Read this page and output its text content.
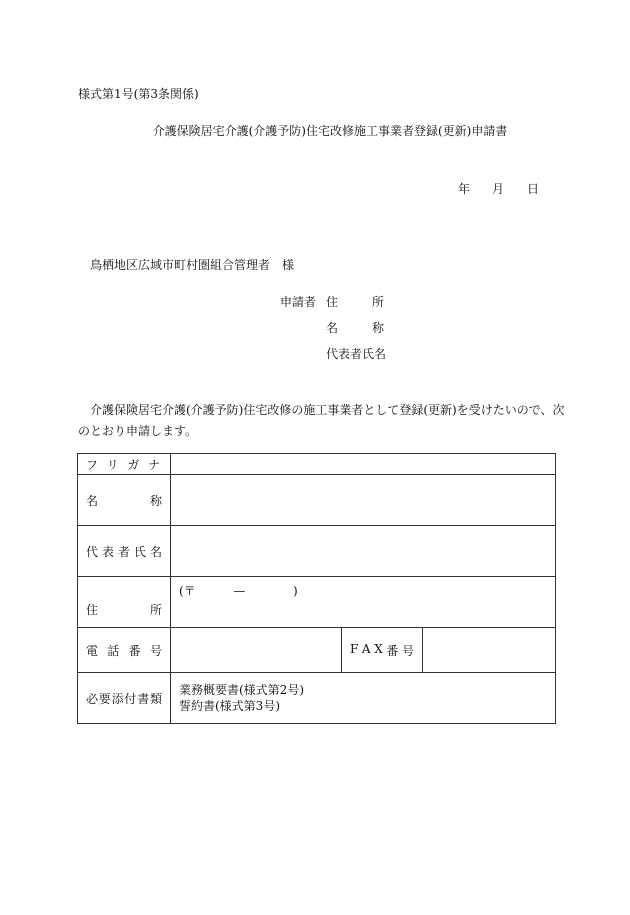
様式第1号(第3条関係)
介護保険居宅介護(介護予防)住宅改修施工事業者登録(更新)申請書
年 月 日
鳥栖地区広域市町村圏組合管理者　様
申請者 住	所
名	称
代表者氏名
介護保険居宅介護(介護予防)住宅改修の施工事業者として登録(更新)を受けたいので、次のとおり申請します。
フ リ ガ ナ

名	称

代 表 者 氏 名

住	所

(〒	—	)

電 話 番 号

		F A X 番 号

必 要 添 付 書 類

業務概要書(様式第2号)
誓約書(様式第3号)
